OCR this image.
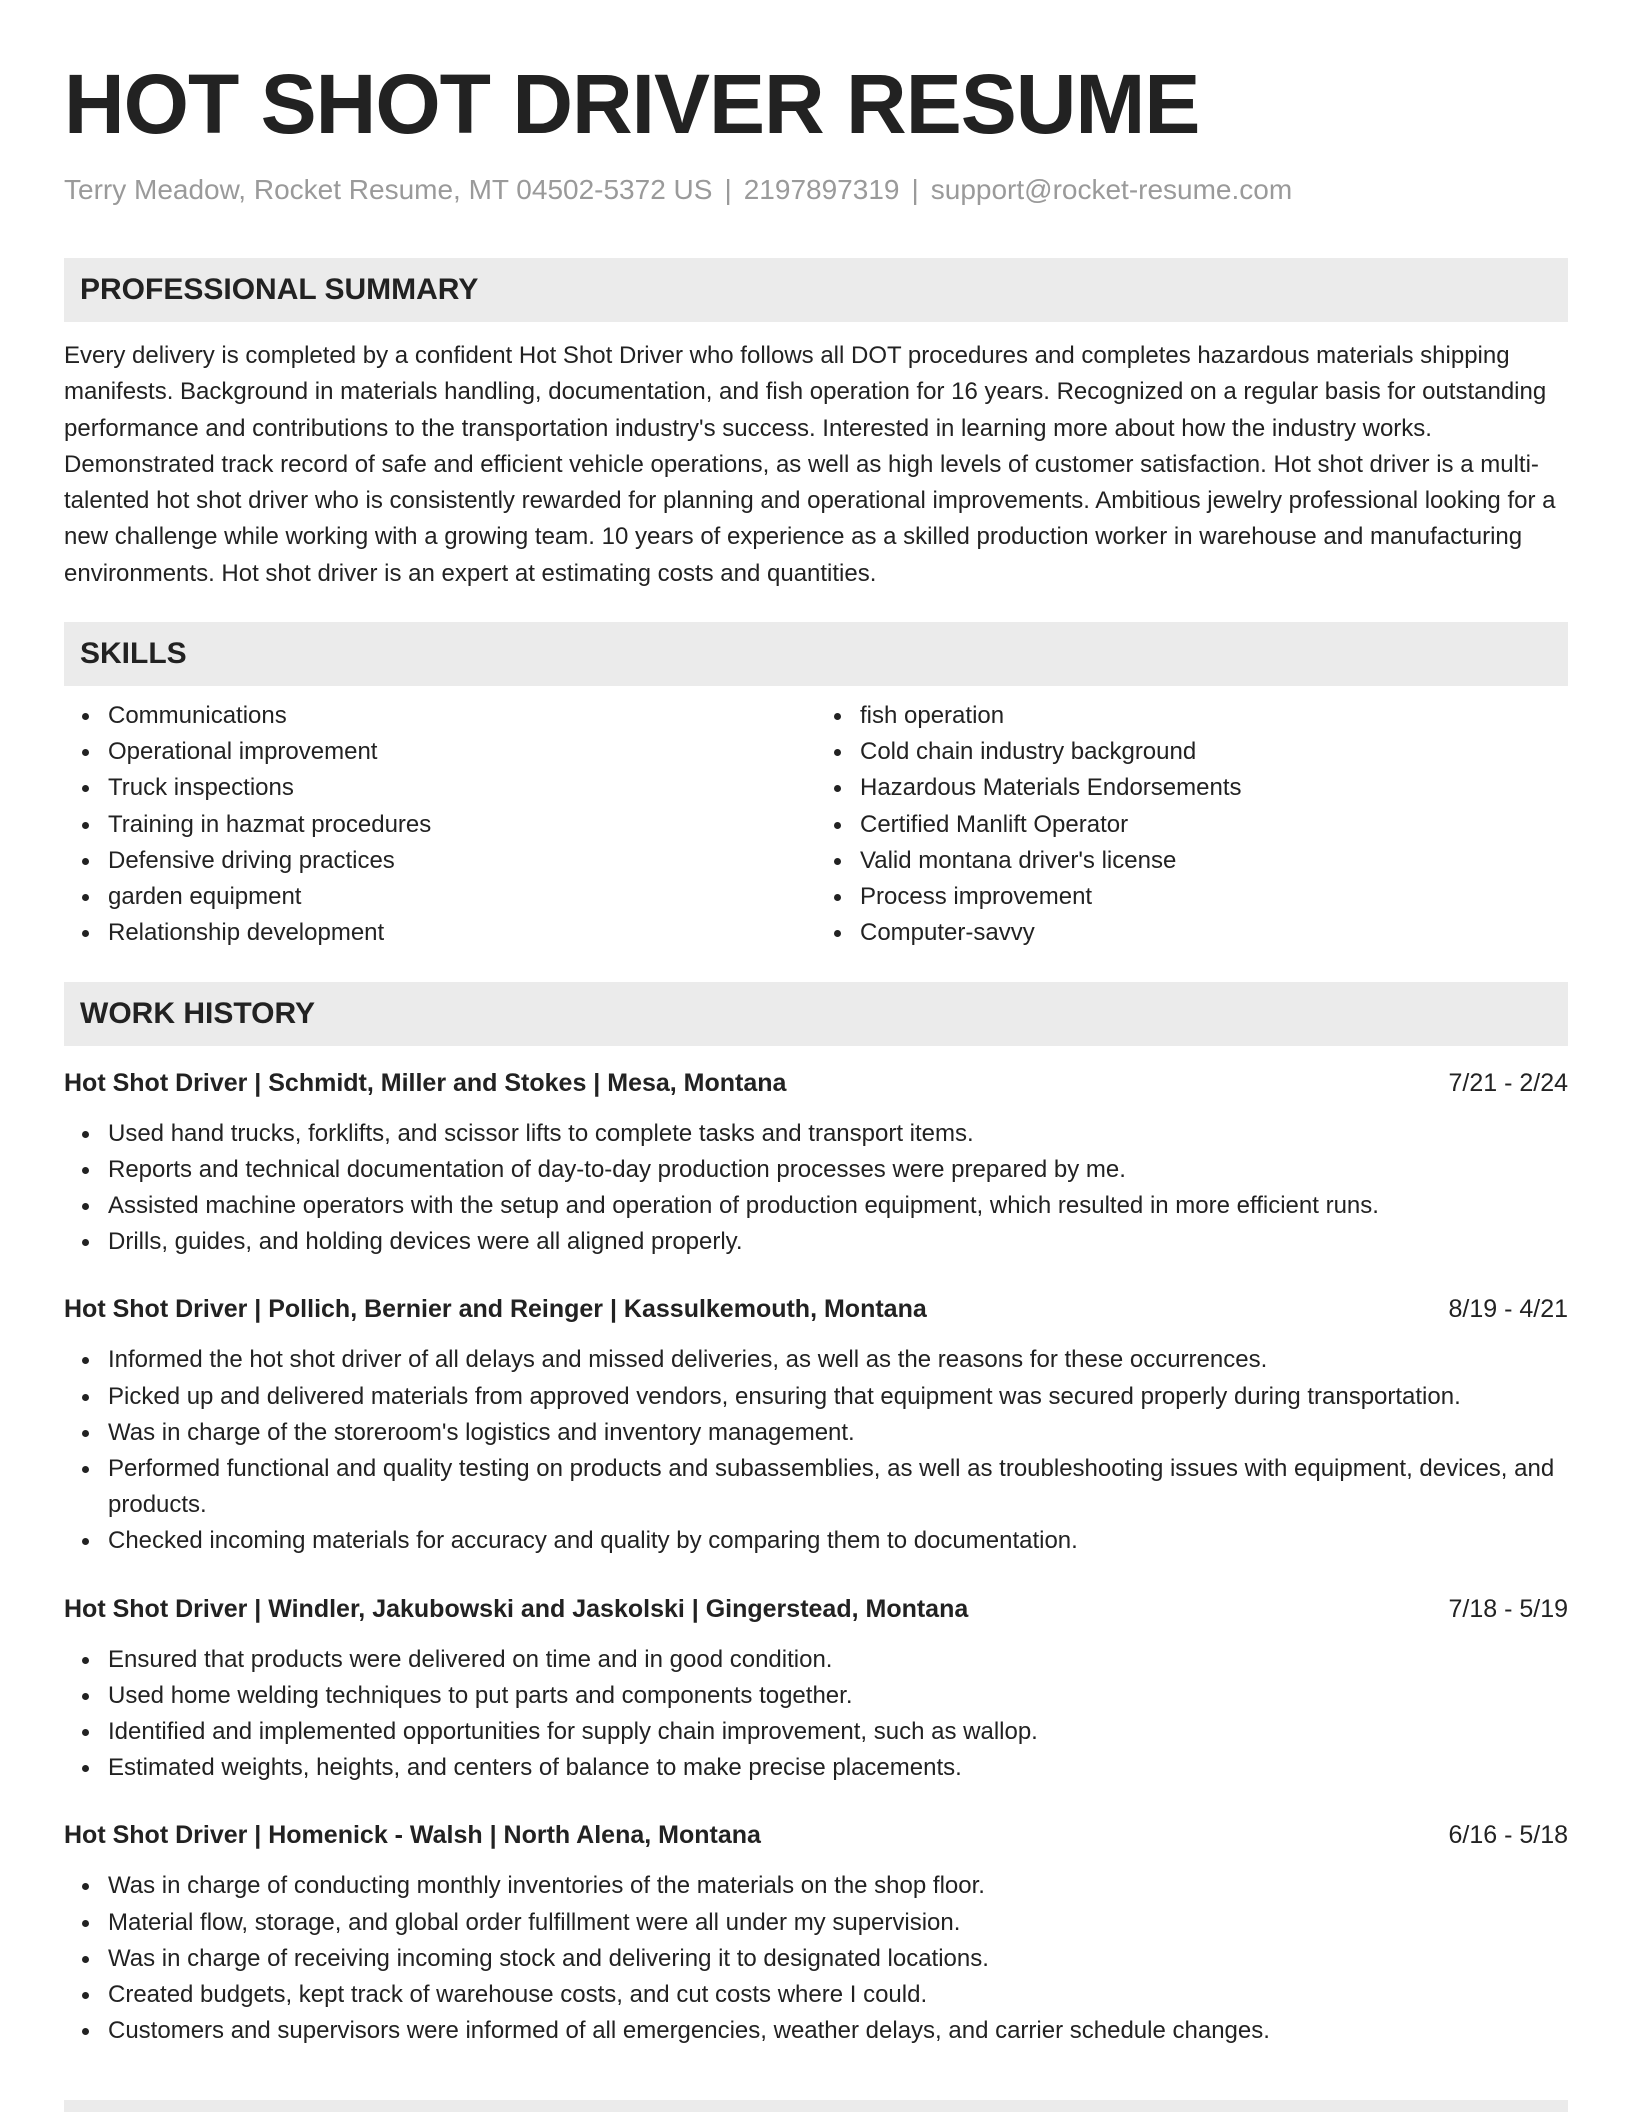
HOT SHOT DRIVER RESUME
Terry Meadow, Rocket Resume, MT 04502-5372 US | 2197897319 | support@rocket-resume.com
PROFESSIONAL SUMMARY

Every delivery is completed by a confident Hot Shot Driver who follows all DOT procedures and completes hazardous materials shipping manifests. Background in materials handling, documentation, and fish operation for 16 years. Recognized on a regular basis for outstanding performance and contributions to the transportation industry's success. Interested in learning more about how the industry works. Demonstrated track record of safe and efficient vehicle operations, as well as high levels of customer satisfaction. Hot shot driver is a multi-talented hot shot driver who is consistently rewarded for planning and operational improvements. Ambitious jewelry professional looking for a new challenge while working with a growing team. 10 years of experience as a skilled production worker in warehouse and manufacturing environments. Hot shot driver is an expert at estimating costs and quantities.

SKILLS
Communications
Operational improvement
Truck inspections
Training in hazmat procedures
Defensive driving practices
garden equipment
Relationship development
fish operation
Cold chain industry background
Hazardous Materials Endorsements
Certified Manlift Operator
Valid montana driver's license
Process improvement
Computer-savvy
WORK HISTORY
Hot Shot Driver | Schmidt, Miller and Stokes | Mesa, Montana	7/21 - 2/24
Used hand trucks, forklifts, and scissor lifts to complete tasks and transport items.
Reports and technical documentation of day-to-day production processes were prepared by me.
Assisted machine operators with the setup and operation of production equipment, which resulted in more efficient runs.
Drills, guides, and holding devices were all aligned properly.
Hot Shot Driver | Pollich, Bernier and Reinger | Kassulkemouth, Montana	8/19 - 4/21
Informed the hot shot driver of all delays and missed deliveries, as well as the reasons for these occurrences.
Picked up and delivered materials from approved vendors, ensuring that equipment was secured properly during transportation.
Was in charge of the storeroom's logistics and inventory management.
Performed functional and quality testing on products and subassemblies, as well as troubleshooting issues with equipment, devices, and products.
Checked incoming materials for accuracy and quality by comparing them to documentation.
Hot Shot Driver | Windler, Jakubowski and Jaskolski | Gingerstead, Montana	7/18 - 5/19
Ensured that products were delivered on time and in good condition.
Used home welding techniques to put parts and components together.
Identified and implemented opportunities for supply chain improvement, such as wallop.
Estimated weights, heights, and centers of balance to make precise placements.
Hot Shot Driver | Homenick - Walsh | North Alena, Montana	6/16 - 5/18
Was in charge of conducting monthly inventories of the materials on the shop floor.
Material flow, storage, and global order fulfillment were all under my supervision.
Was in charge of receiving incoming stock and delivering it to designated locations.
Created budgets, kept track of warehouse costs, and cut costs where I could.
Customers and supervisors were informed of all emergencies, weather delays, and carrier schedule changes.
